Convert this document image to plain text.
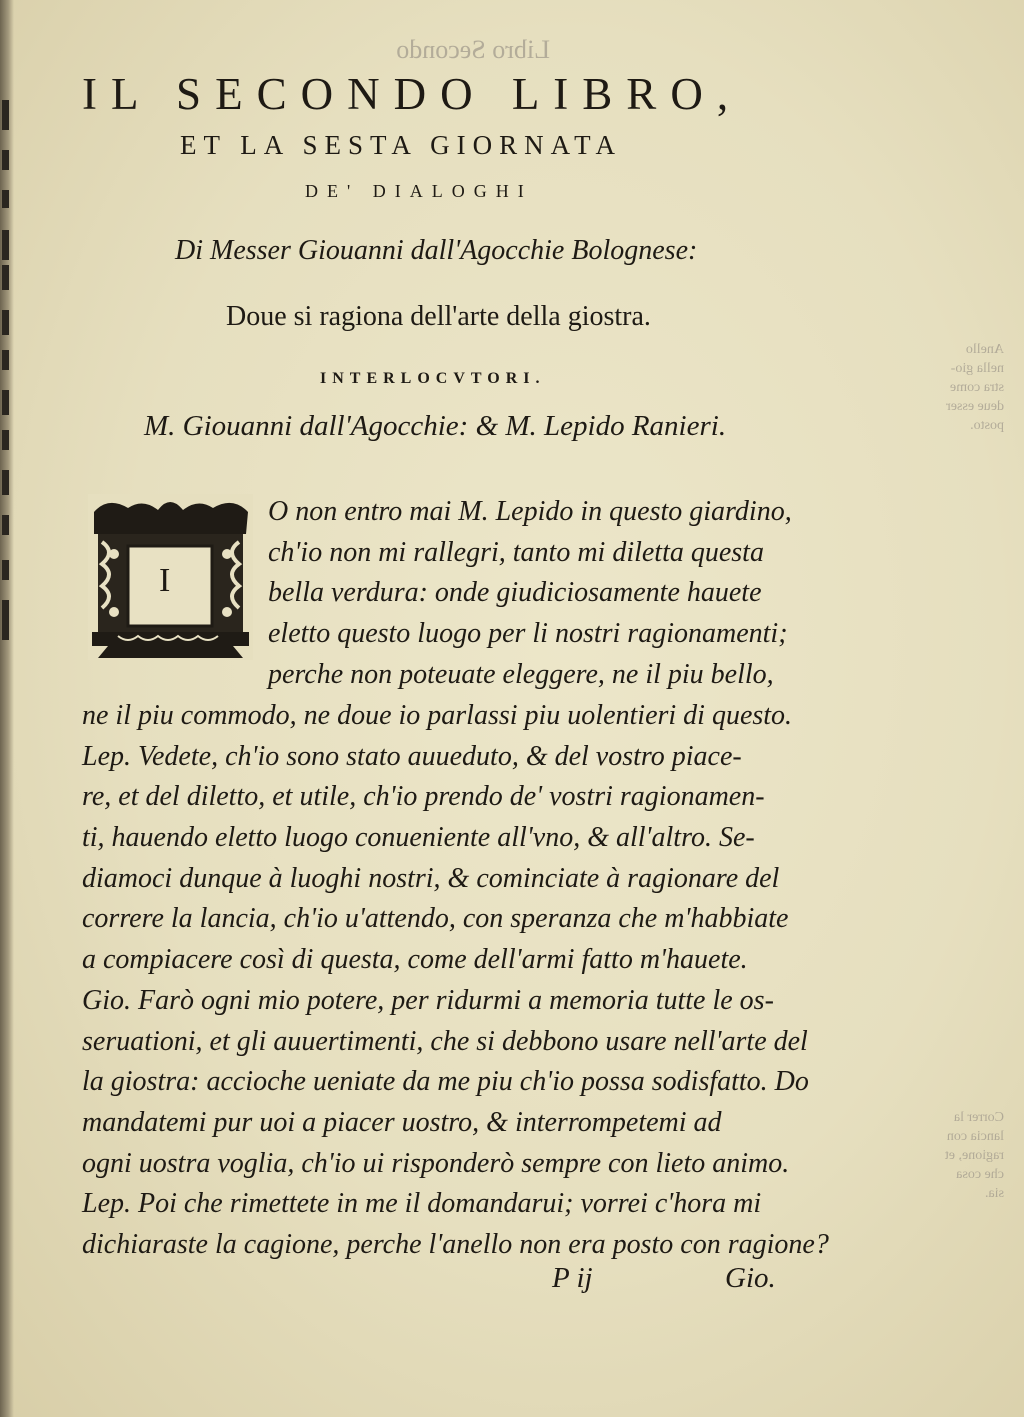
Libro Secondo
Anello
nella gio-
stra come
deue esser
posto.
Correr la
lancia con
ragione, et
che cosa
sia.
IL SECONDO LIBRO,
ET LA SESTA GIORNATA
DE' DIALOGHI
Di Messer Giouanni dall'Agocchie Bolognese:
Doue si ragiona dell'arte della giostra.
INTERLOCVTORI.
M. Giouanni dall'Agocchie: & M. Lepido Ranieri.
I
O non entro mai M. Lepido in questo giardino,
ch'io non mi rallegri, tanto mi diletta questa
bella verdura: onde giudiciosamente hauete
eletto questo luogo per li nostri ragionamenti;
perche non poteuate eleggere, ne il piu bello,
ne il piu commodo, ne doue io parlassi piu uolentieri di questo.
Lep. Vedete, ch'io sono stato auueduto, & del vostro piace-
re, et del diletto, et utile, ch'io prendo de' vostri ragionamen-
ti, hauendo eletto luogo conueniente all'vno, & all'altro. Se-
diamoci dunque à luoghi nostri, & cominciate à ragionare del
correre la lancia, ch'io u'attendo, con speranza che m'habbiate
a compiacere così di questa, come dell'armi fatto m'hauete.
Gio. Farò ogni mio potere, per ridurmi a memoria tutte le os-
seruationi, et gli auuertimenti, che si debbono usare nell'arte del
la giostra: accioche ueniate da me piu ch'io possa sodisfatto. Do
mandatemi pur uoi a piacer uostro, & interrompetemi ad
ogni uostra voglia, ch'io ui risponderò sempre con lieto animo.
Lep. Poi che rimettete in me il domandarui; vorrei c'hora mi
dichiaraste la cagione, perche l'anello non era posto con ragione?
P ij	Gio.
